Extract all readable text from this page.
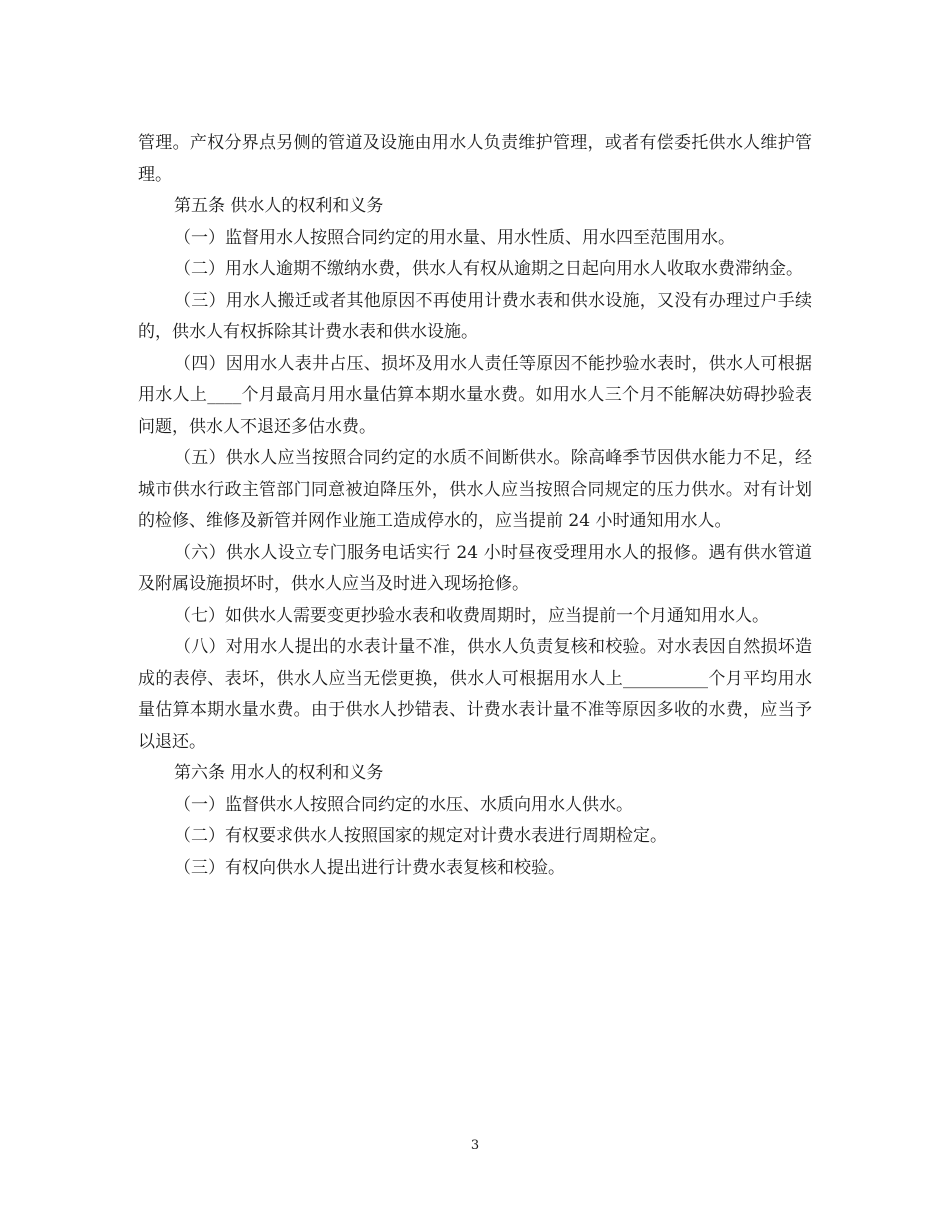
管理。产权分界点另侧的管道及设施由用水人负责维护管理，或者有偿委托供水人维护管理。

第五条 供水人的权利和义务

（一）监督用水人按照合同约定的用水量、用水性质、用水四至范围用水。

（二）用水人逾期不缴纳水费，供水人有权从逾期之日起向用水人收取水费滞纳金。

（三）用水人搬迁或者其他原因不再使用计费水表和供水设施，又没有办理过户手续的，供水人有权拆除其计费水表和供水设施。

（四）因用水人表井占压、损坏及用水人责任等原因不能抄验水表时，供水人可根据用水人上____个月最高月用水量估算本期水量水费。如用水人三个月不能解决妨碍抄验表问题，供水人不退还多估水费。

（五）供水人应当按照合同约定的水质不间断供水。除高峰季节因供水能力不足，经城市供水行政主管部门同意被迫降压外，供水人应当按照合同规定的压力供水。对有计划的检修、维修及新管并网作业施工造成停水的，应当提前 24 小时通知用水人。

（六）供水人设立专门服务电话实行 24 小时昼夜受理用水人的报修。遇有供水管道及附属设施损坏时，供水人应当及时进入现场抢修。

（七）如供水人需要变更抄验水表和收费周期时，应当提前一个月通知用水人。

（八）对用水人提出的水表计量不准，供水人负责复核和校验。对水表因自然损坏造成的表停、表坏，供水人应当无偿更换，供水人可根据用水人上__________个月平均用水量估算本期水量水费。由于供水人抄错表、计费水表计量不准等原因多收的水费，应当予以退还。

第六条 用水人的权利和义务

（一）监督供水人按照合同约定的水压、水质向用水人供水。

（二）有权要求供水人按照国家的规定对计费水表进行周期检定。

（三）有权向供水人提出进行计费水表复核和校验。

3
